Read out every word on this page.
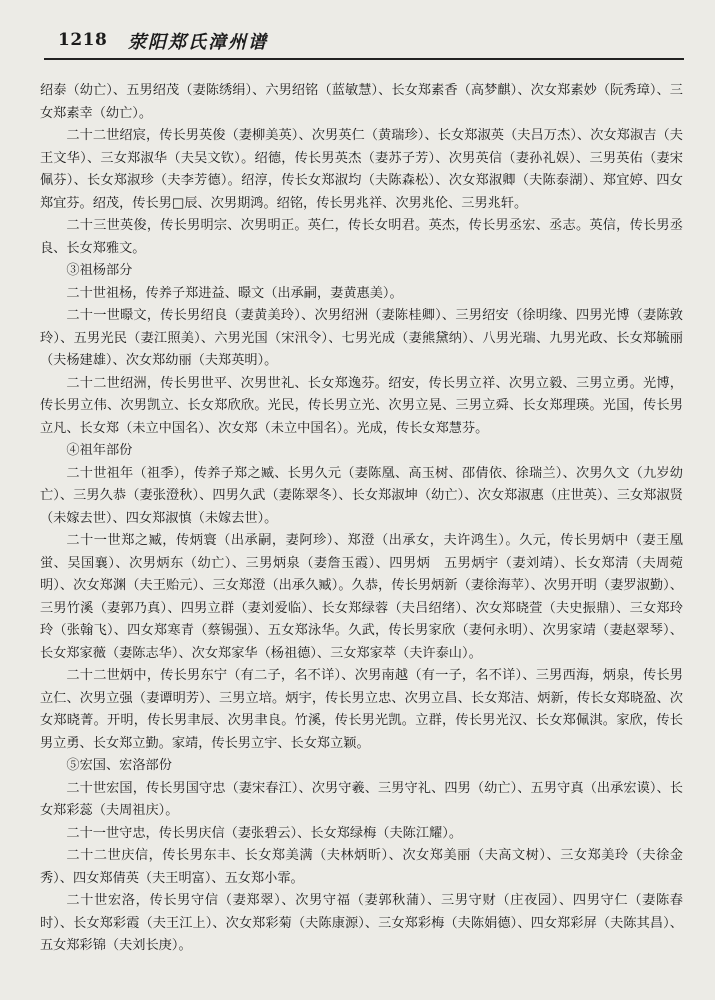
1218 荥阳郑氏漳州谱

绍泰（幼亡）、五男绍茂（妻陈绣绢）、六男绍铭（蓝敏慧）、长女郑素香（高梦麒）、次女郑素妙（阮秀璋）、三女郑素幸（幼亡）。

二十二世绍宸，传长男英俊（妻柳美英）、次男英仁（黄瑞珍）、长女郑淑英（夫吕万杰）、次女郑淑吉（夫王文华）、三女郑淑华（夫吴文钦）。绍德，传长男英杰（妻苏子芳）、次男英信（妻孙礼娱）、三男英佑（妻宋佩芬）、长女郑淑珍（夫李芳德）。绍淳，传长女郑淑均（夫陈森松）、次女郑淑卿（夫陈泰湖）、郑宜婷、四女郑宜芬。绍茂，传长男□辰、次男期鸿。绍铭，传长男兆祥、次男兆伦、三男兆轩。

二十三世英俊，传长男明宗、次男明正。英仁，传长女明君。英杰，传长男丞宏、丞志。英信，传长男丞良、长女郑雅文。

③祖杨部分

二十世祖杨，传养子郑进益、暻文（出承嗣，妻黄惠美）。

二十一世暻文，传长男绍良（妻黄美玲）、次男绍洲（妻陈桂卿）、三男绍安（徐明缘、四男光博（妻陈敦玲）、五男光民（妻江照美）、六男光国（宋汛令）、七男光成（妻熊黛纳）、八男光瑞、九男光政、长女郑毓丽（夫杨建雄）、次女郑幼丽（夫郑英明）。

二十二世绍洲，传长男世平、次男世礼、长女郑逸芬。绍安，传长男立祥、次男立毅、三男立勇。光博，传长男立伟、次男凯立、长女郑欣欣。光民，传长男立光、次男立晃、三男立舜、长女郑理瑛。光国，传长男立凡、长女郑（未立中国名）、次女郑（未立中国名）。光成，传长女郑慧芬。

④祖年部份

二十世祖年（祖季），传养子郑之臧、长男久元（妻陈凰、高玉树、邵倩依、徐瑞兰）、次男久文（九岁幼亡）、三男久恭（妻张澄秋）、四男久武（妻陈翠冬）、长女郑淑坤（幼亡）、次女郑淑惠（庄世英）、三女郑淑贤（未嫁去世）、四女郑淑慎（未嫁去世）。

二十一世郑之臧，传炳寰（出承嗣，妻阿珍）、郑澄（出承女，夫许鸿生）。久元，传长男炳中（妻王凰蛍、吴国襄）、次男炳东（幼亡）、三男炳泉（妻詹玉霞）、四男炳　五男炳宇（妻刘靖）、长女郑淸（夫周菀明）、次女郑渊（夫王贻元）、三女郑澄（出承久臧）。久恭，传长男炳新（妻徐海苹）、次男开明（妻罗淑勤）、三男竹溪（妻郭乃真）、四男立群（妻刘爱临）、长女郑绿蓉（夫吕绍绪）、次女郑晓萱（夫史振鼎）、三女郑玲玲（张翰飞）、四女郑寒青（蔡锡强）、五女郑泳华。久武，传长男家欣（妻何永明）、次男家靖（妻赵翠琴）、长女郑家薇（妻陈志华）、次女郑家华（杨祖德）、三女郑家萃（夫许泰山）。

二十二世炳中，传长男东宁（有二子，名不详）、次男南越（有一子，名不详）、三男西海，炳泉，传长男立仁、次男立强（妻谭明芳）、三男立培。炳宇，传长男立忠、次男立昌、长女郑洁、炳新，传长女郑晓盈、次女郑晓菁。开明，传长男聿辰、次男聿良。竹溪，传长男光凯。立群，传长男光汉、长女郑佩淇。家欣，传长男立勇、长女郑立勤。家靖，传长男立宇、长女郑立颖。

⑤宏国、宏洛部份

二十世宏国，传长男国守忠（妻宋春江）、次男守羲、三男守礼、四男（幼亡）、五男守真（出承宏谟）、长女郑彩蕊（夫周祖庆）。

二十一世守忠，传长男庆信（妻张碧云）、长女郑绿梅（夫陈江耀）。

二十二世庆信，传长男东丰、长女郑美满（夫林炳昕）、次女郑美丽（夫高文树）、三女郑美玲（夫徐金秀）、四女郑倩英（夫王明富）、五女郑小霏。

二十世宏洛，传长男守信（妻郑翠）、次男守福（妻郭秋蒲）、三男守财（庄夜园）、四男守仁（妻陈春时）、长女郑彩霞（夫王江上）、次女郑彩菊（夫陈康源）、三女郑彩梅（夫陈娟德）、四女郑彩屏（夫陈其昌）、五女郑彩锦（夫刘长庚）。
